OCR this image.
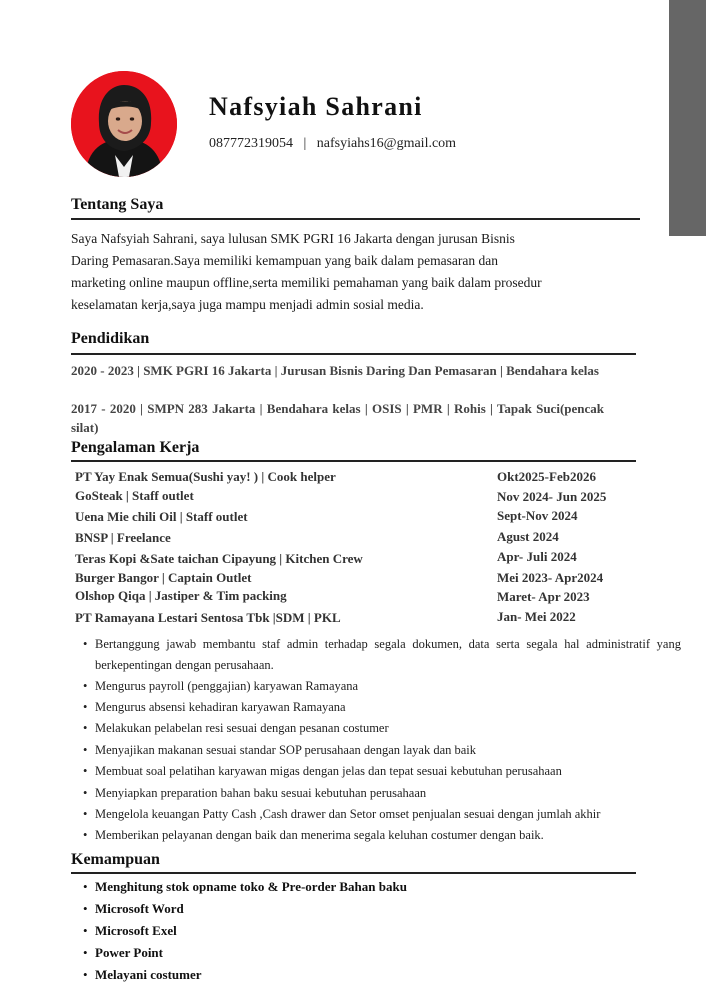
Nafsyiah Sahrani
087772319054   |   nafsyiahs16@gmail.com
Tentang Saya
Saya Nafsyiah Sahrani, saya lulusan SMK PGRI 16 Jakarta dengan jurusan Bisnis
Daring Pemasaran.Saya memiliki kemampuan yang baik dalam pemasaran dan
marketing online maupun offline,serta memiliki pemahaman yang baik dalam prosedur
keselamatan kerja,saya juga mampu menjadi admin sosial media.
Pendidikan
2020 - 2023 | SMK PGRI 16 Jakarta | Jurusan Bisnis Daring Dan Pemasaran | Bendahara kelas
2017 - 2020 | SMPN 283 Jakarta | Bendahara kelas | OSIS | PMR | Rohis | Tapak Suci(pencak silat)
Pengalaman Kerja
PT Yay Enak Semua(Sushi yay! ) | Cook helper	Okt2025-Feb2026
GoSteak | Staff outlet	Nov 2024- Jun 2025
Uena Mie chili Oil | Staff outlet	Sept-Nov 2024
BNSP | Freelance	Agust 2024
Teras Kopi &Sate taichan Cipayung | Kitchen Crew	Apr- Juli 2024
Burger Bangor | Captain Outlet	Mei 2023- Apr2024
Olshop Qiqa | Jastiper & Tim packing	Maret- Apr 2023
PT Ramayana Lestari Sentosa Tbk |SDM | PKL	Jan- Mei 2022
• Bertanggung jawab membantu staf admin terhadap segala dokumen, data serta segala hal administratif yang berkepentingan dengan perusahaan.
• Mengurus payroll (penggajian) karyawan Ramayana
• Mengurus absensi kehadiran karyawan Ramayana
• Melakukan pelabelan resi sesuai dengan pesanan costumer
• Menyajikan makanan sesuai standar SOP perusahaan dengan layak dan baik
• Membuat soal pelatihan karyawan migas dengan jelas dan tepat sesuai kebutuhan perusahaan
• Menyiapkan preparation bahan baku sesuai kebutuhan perusahaan
• Mengelola keuangan Patty Cash ,Cash drawer dan Setor omset penjualan sesuai dengan jumlah akhir
• Memberikan pelayanan dengan baik dan menerima segala keluhan costumer dengan baik.
Kemampuan
• Menghitung stok opname toko & Pre-order Bahan baku
• Microsoft Word
• Microsoft Exel
• Power Point
• Melayani costumer
